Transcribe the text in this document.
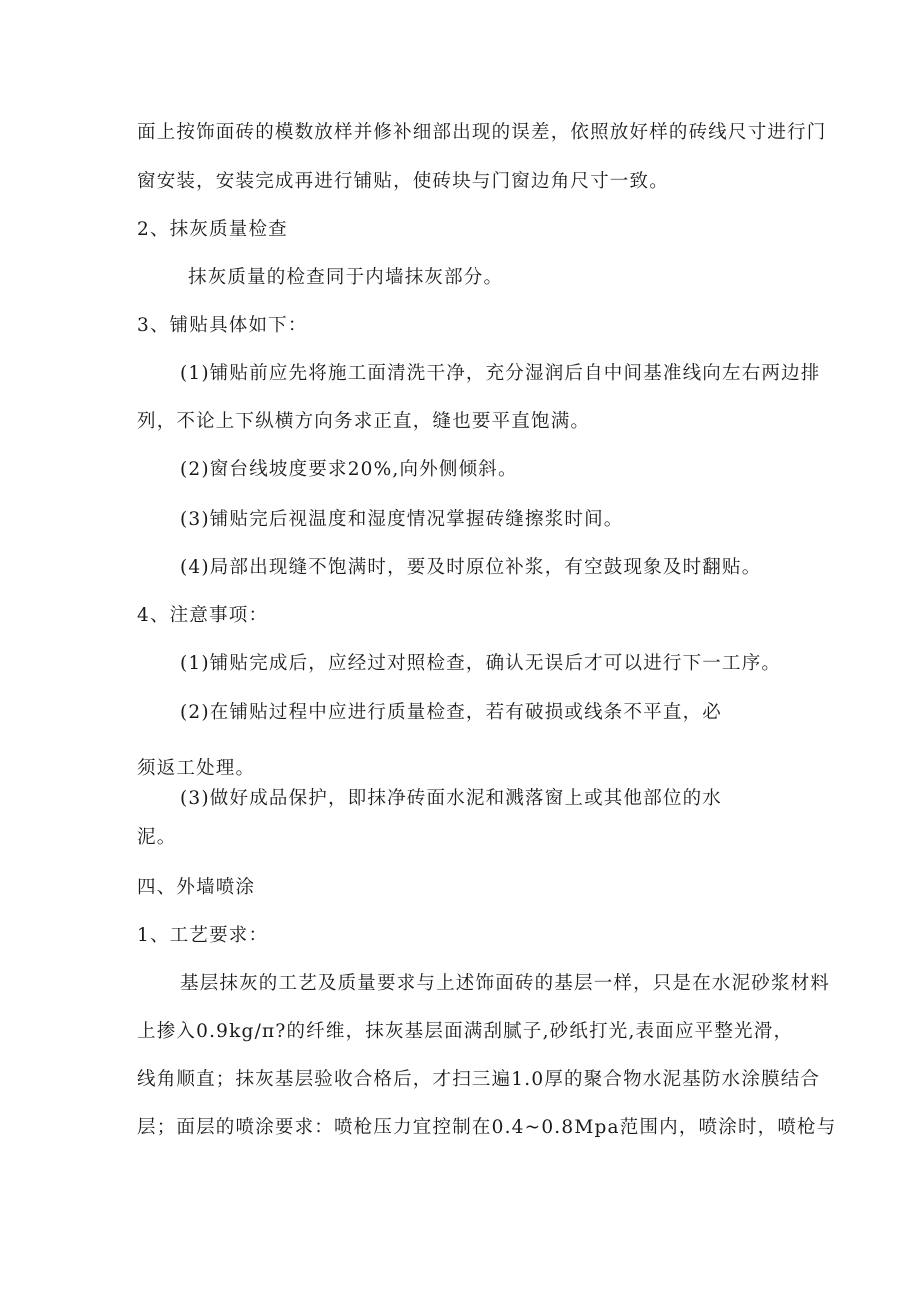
面上按饰面砖的模数放样并修补细部出现的误差，依照放好样的砖线尺寸进行门
窗安装，安装完成再进行铺贴，使砖块与门窗边角尺寸一致。
2、抹灰质量检查
抹灰质量的检查同于内墙抹灰部分。
3、铺贴具体如下：
(1)铺贴前应先将施工面清洗干净，充分湿润后自中间基准线向左右两边排
列，不论上下纵横方向务求正直，缝也要平直饱满。
(2)窗台线坡度要求20%,向外侧倾斜。
(3)铺贴完后视温度和湿度情况掌握砖缝擦浆时间。
(4)局部出现缝不饱满时，要及时原位补浆，有空鼓现象及时翻贴。
4、注意事项：
(1)铺贴完成后，应经过对照检查，确认无误后才可以进行下一工序。
(2)在铺贴过程中应进行质量检查，若有破损或线条不平直，必
须返工处理。
(3)做好成品保护，即抹净砖面水泥和溅落窗上或其他部位的水
泥。
四、外墙喷涂
1、工艺要求：
基层抹灰的工艺及质量要求与上述饰面砖的基层一样，只是在水泥砂浆材料
上掺入0.9kg/π?的纤维，抹灰基层面满刮腻子,砂纸打光,表面应平整光滑，
线角顺直；抹灰基层验收合格后，才扫三遍1.0厚的聚合物水泥基防水涂膜结合
层；面层的喷涂要求：喷枪压力宜控制在0.4~0.8Mpa范围内，喷涂时，喷枪与
